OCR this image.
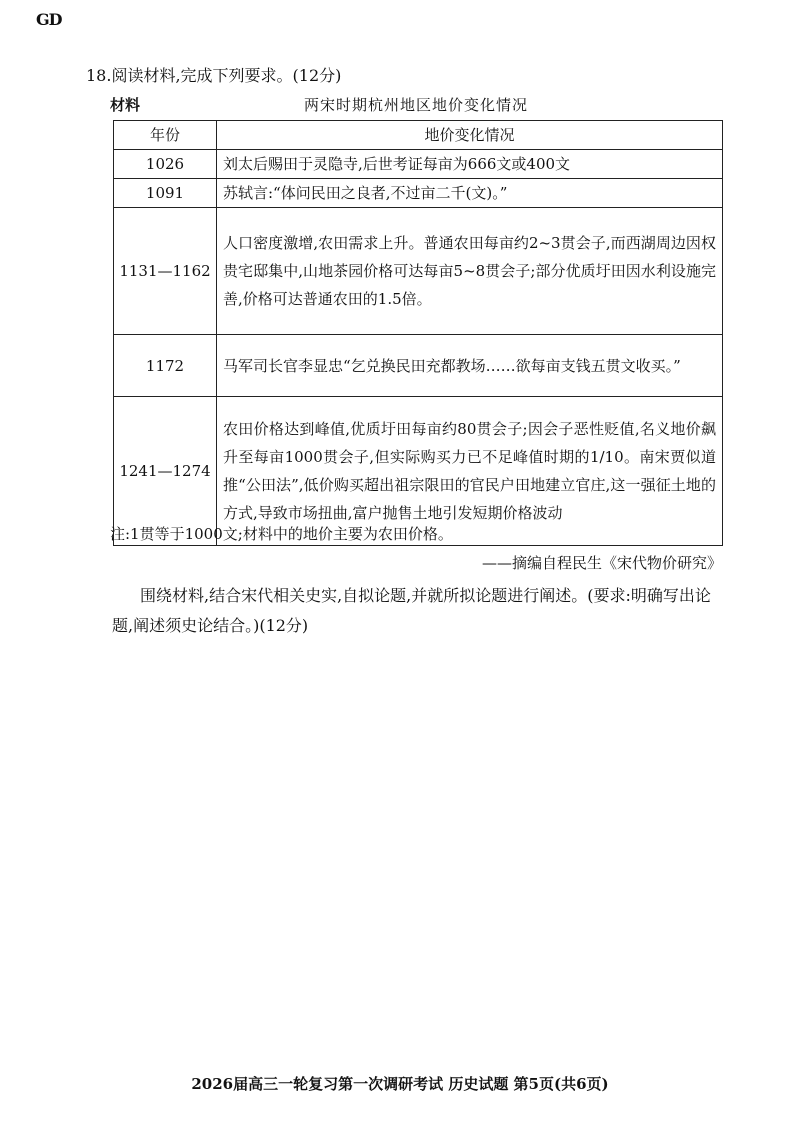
GD
18.阅读材料,完成下列要求。(12分)
材料	两宋时期杭州地区地价变化情况
年份	地价变化情况
1026	刘太后赐田于灵隐寺,后世考证每亩为666文或400文
1091	苏轼言:“体问民田之良者,不过亩二千(文)。”
1131—1162	人口密度激增,农田需求上升。普通农田每亩约2~3贯会子,而西湖周边因权贵宅邸集中,山地茶园价格可达每亩5~8贯会子;部分优质圩田因水利设施完善,价格可达普通农田的1.5倍。
1172	马军司长官李显忠“乞兑换民田充都教场……欲每亩支钱五贯文收买。”
1241—1274	农田价格达到峰值,优质圩田每亩约80贯会子;因会子恶性贬值,名义地价飙升至每亩1000贯会子,但实际购买力已不足峰值时期的1/10。南宋贾似道推“公田法”,低价购买超出祖宗限田的官民户田地建立官庄,这一强征土地的方式,导致市场扭曲,富户抛售土地引发短期价格波动
注:1贯等于1000文;材料中的地价主要为农田价格。
——摘编自程民生《宋代物价研究》
围绕材料,结合宋代相关史实,自拟论题,并就所拟论题进行阐述。(要求:明确写出论题,阐述须史论结合。)(12分)
2026届高三一轮复习第一次调研考试 历史试题 第5页(共6页)
